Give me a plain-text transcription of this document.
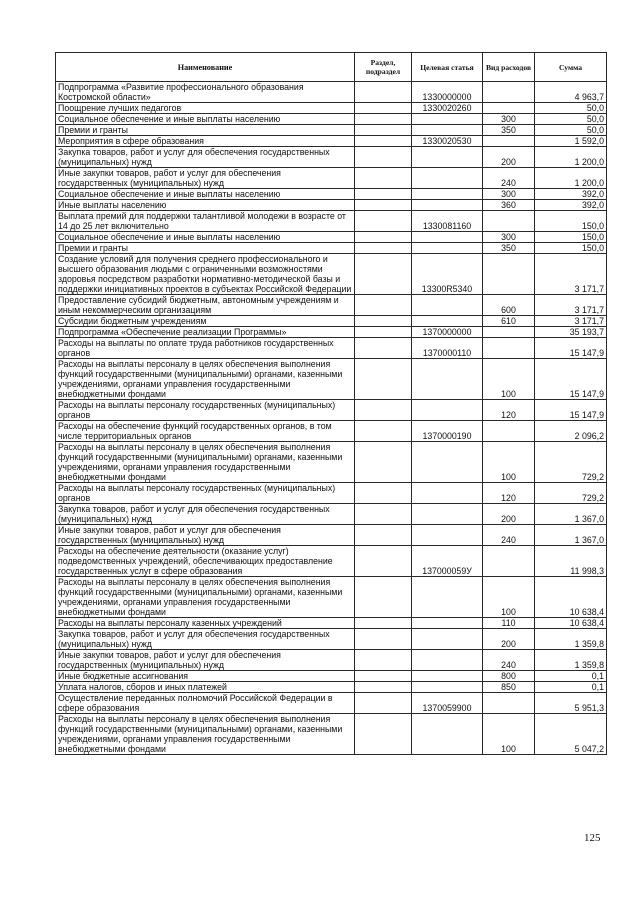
Наименование	Раздел, подраздел	Целевая статья	Вид расходов	Сумма
Подпрограмма «Развитие профессионального образования Костромской области»		1330000000		4 963,7
Поощрение лучших педагогов		1330020260		50,0
Социальное обеспечение и иные выплаты населению			300	50,0
Премии и гранты			350	50,0
Мероприятия в сфере образования		1330020530		1 592,0
Закупка товаров, работ и услуг для обеспечения государственных (муниципальных) нужд			200	1 200,0
Иные закупки товаров, работ и услуг для обеспечения государственных (муниципальных) нужд			240	1 200,0
Социальное обеспечение и иные выплаты населению			300	392,0
Иные выплаты населению			360	392,0
Выплата премий для поддержки талантливой молодежи в возрасте от 14 до 25 лет включительно		1330081160		150,0
Социальное обеспечение и иные выплаты населению			300	150,0
Премии и гранты			350	150,0
Создание условий для получения среднего профессионального и высшего образования людьми с ограниченными возможностями здоровья посредством разработки нормативно-методической базы и поддержки инициативных проектов в субъектах Российской Федерации		13300R5340		3 171,7
Предоставление субсидий бюджетным, автономным учреждениям и иным некоммерческим организациям			600	3 171,7
Субсидии бюджетным учреждениям			610	3 171,7
Подпрограмма «Обеспечение реализации Программы»		1370000000		35 193,7
Расходы на выплаты по оплате труда работников государственных органов		1370000110		15 147,9
Расходы на выплаты персоналу в целях обеспечения выполнения функций государственными (муниципальными) органами, казенными учреждениями, органами управления государственными внебюджетными фондами			100	15 147,9
Расходы на выплаты персоналу государственных (муниципальных) органов			120	15 147,9
Расходы на обеспечение функций государственных органов, в том числе территориальных органов		1370000190		2 096,2
Расходы на выплаты персоналу в целях обеспечения выполнения функций государственными (муниципальными) органами, казенными учреждениями, органами управления государственными внебюджетными фондами			100	729,2
Расходы на выплаты персоналу государственных (муниципальных) органов			120	729,2
Закупка товаров, работ и услуг для обеспечения государственных (муниципальных) нужд			200	1 367,0
Иные закупки товаров, работ и услуг для обеспечения государственных (муниципальных) нужд			240	1 367,0
Расходы на обеспечение деятельности (оказание услуг) подведомственных учреждений, обеспечивающих предоставление государственных услуг в сфере образования		137000059У		11 998,3
Расходы на выплаты персоналу в целях обеспечения выполнения функций государственными (муниципальными) органами, казенными учреждениями, органами управления государственными внебюджетными фондами			100	10 638,4
Расходы на выплаты персоналу казенных учреждений			110	10 638,4
Закупка товаров, работ и услуг для обеспечения государственных (муниципальных) нужд			200	1 359,8
Иные закупки товаров, работ и услуг для обеспечения государственных (муниципальных) нужд			240	1 359,8
Иные бюджетные ассигнования			800	0,1
Уплата налогов, сборов и иных платежей			850	0,1
Осуществление переданных полномочий Российской Федерации в сфере образования		1370059900		5 951,3
Расходы на выплаты персоналу в целях обеспечения выполнения функций государственными (муниципальными) органами, казенными учреждениями, органами управления государственными внебюджетными фондами			100	5 047,2
125
